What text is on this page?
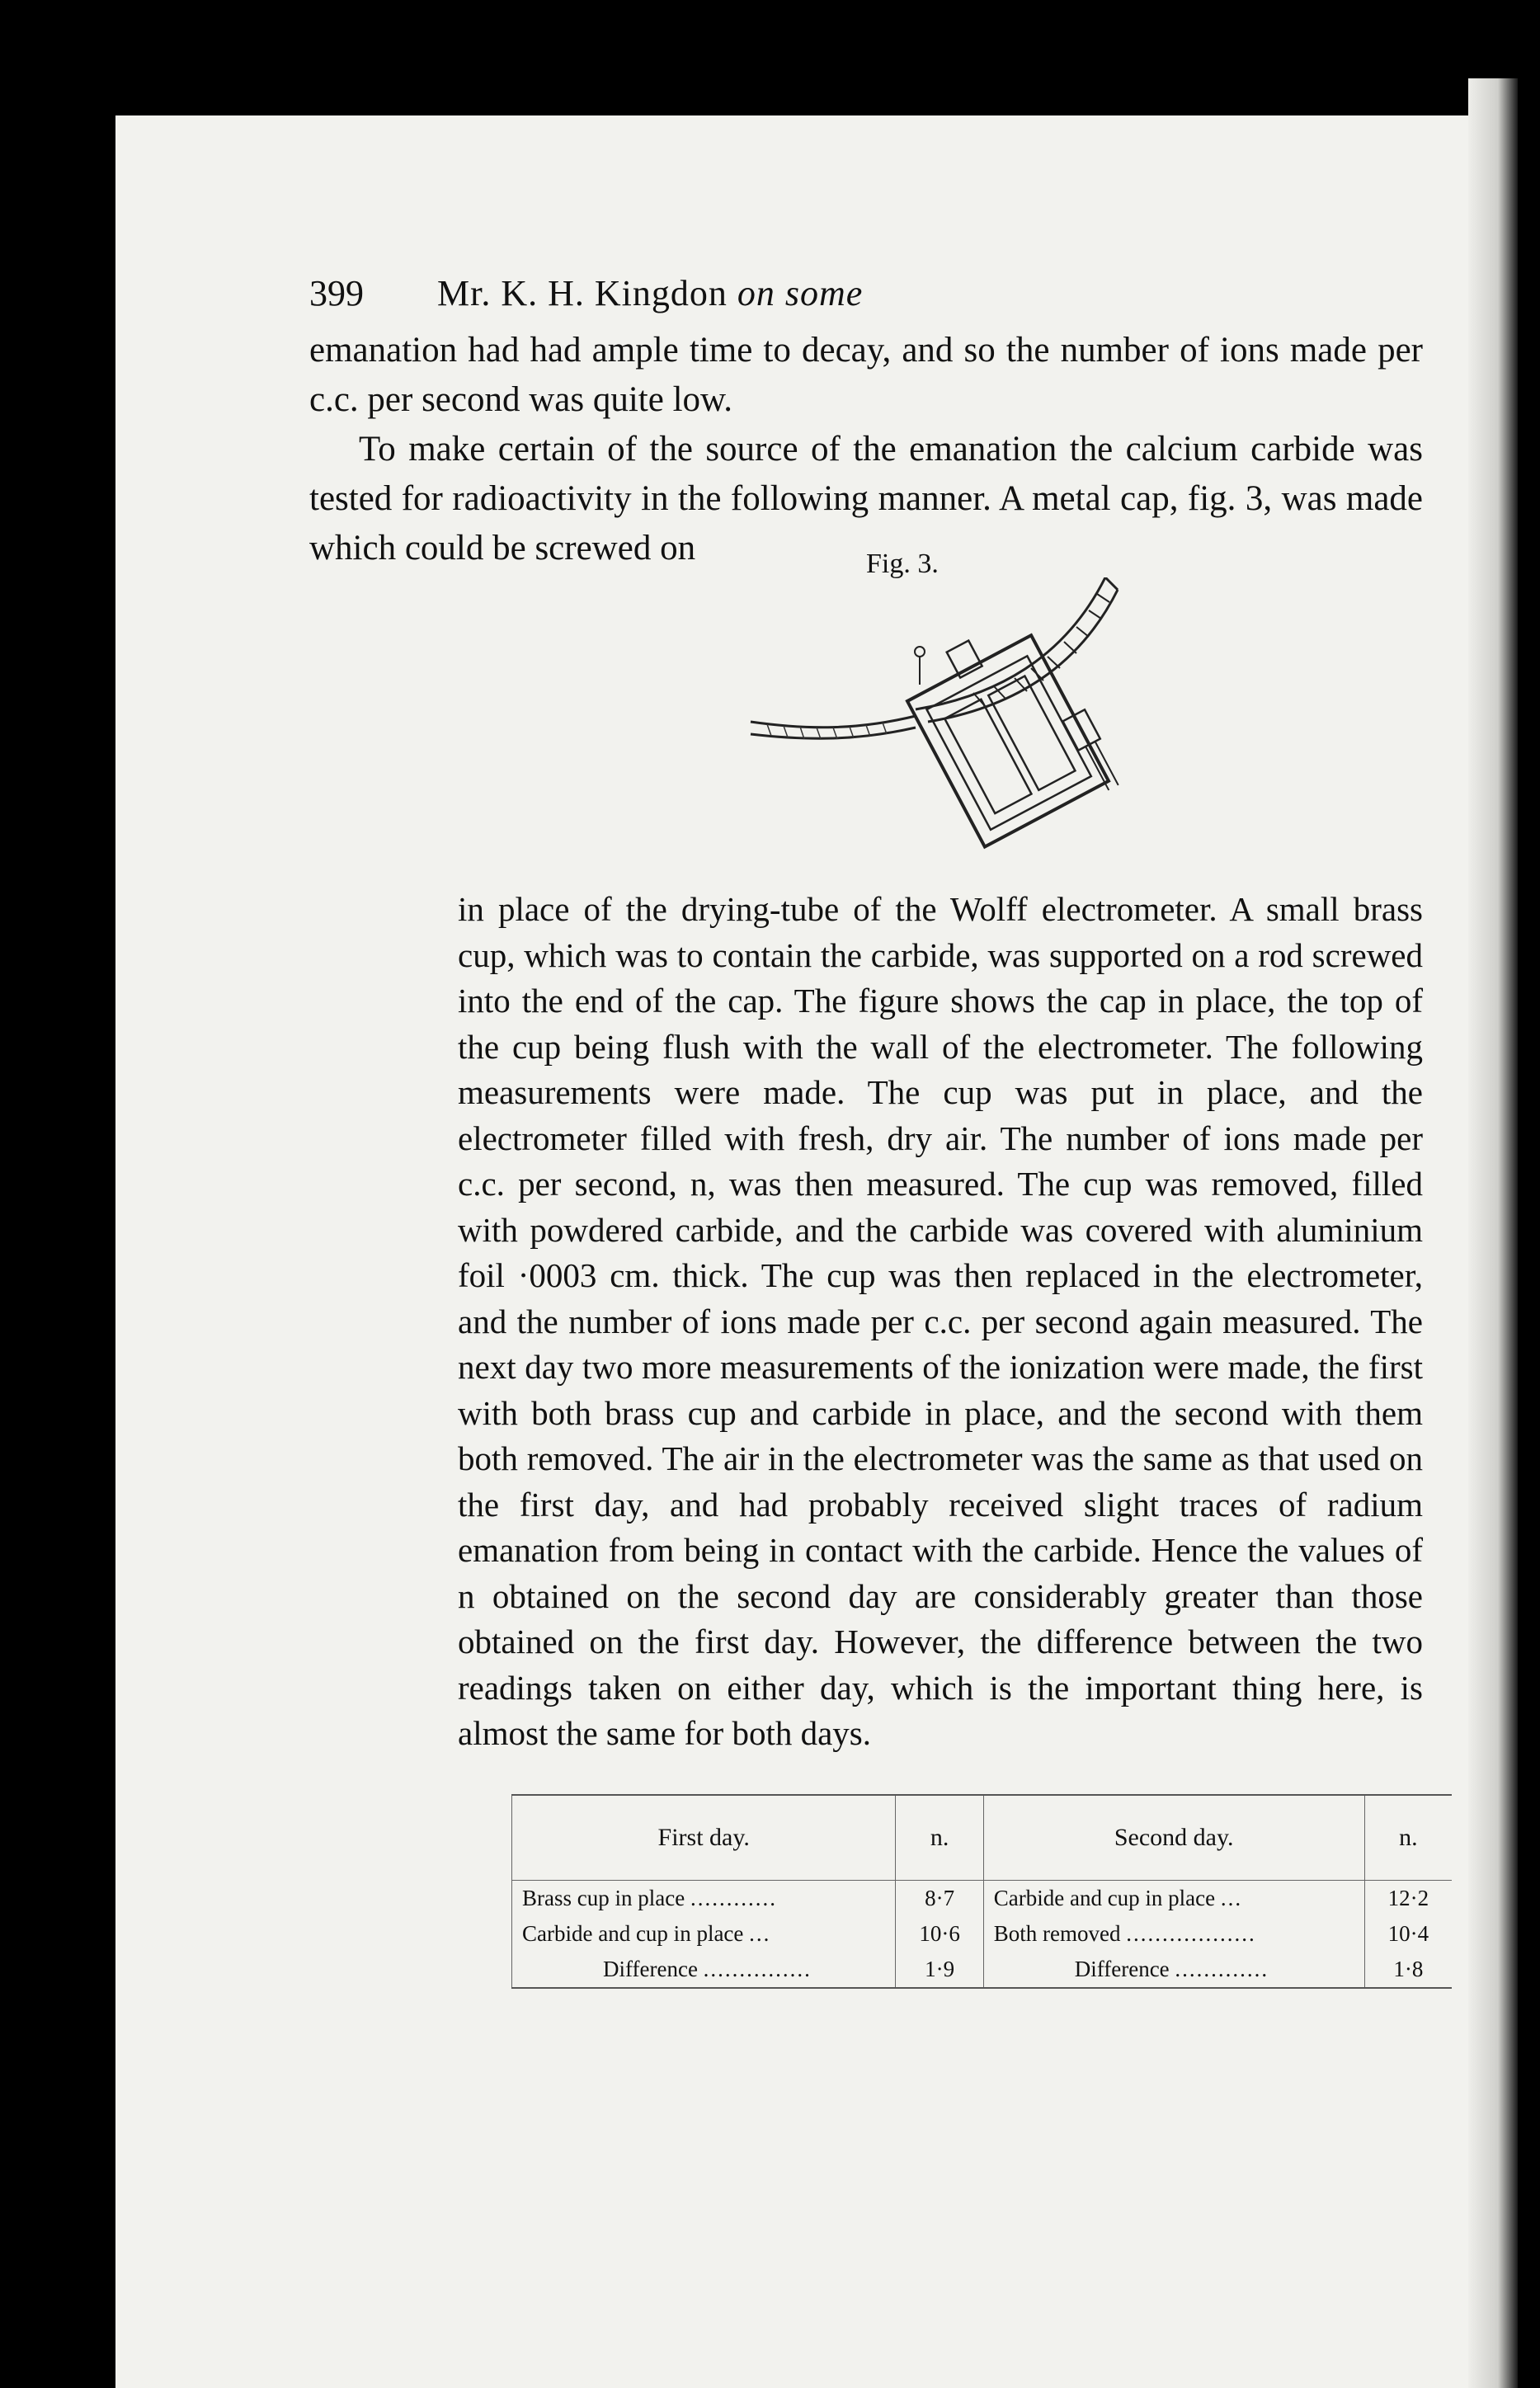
399 Mr. K. H. Kingdon on some
emanation had had ample time to decay, and so the number of ions made per c.c. per second was quite low.
To make certain of the source of the emanation the calcium carbide was tested for radioactivity in the following manner. A metal cap, fig. 3, was made which could be screwed on	Fig. 3.
in place of the drying-tube of the Wolff electrometer. A small brass cup, which was to contain the carbide, was supported on a rod screwed into the end of the cap. The figure shows the cap in place, the top of the cup being flush with the wall of the electrometer. The following measurements were made. The cup was put in place, and the electrometer filled with fresh, dry air. The number of ions made per c.c. per second, n, was then measured. The cup was removed, filled with powdered carbide, and the carbide was covered with aluminium foil ·0003 cm. thick. The cup was then replaced in the electrometer, and the number of ions made per c.c. per second again measured. The next day two more measurements of the ionization were made, the first with both brass cup and carbide in place, and the second with them both removed. The air in the electrometer was the same as that used on the first day, and had probably received slight traces of radium emanation from being in contact with the carbide. Hence the values of n obtained on the second day are considerably greater than those obtained on the first day. However, the difference between the two readings taken on either day, which is the important thing here, is almost the same for both days.
First day.	n.	Second day.	n.
Brass cup in place ............	8·7	Carbide and cup in place ...	12·2
Carbide and cup in place ...	10·6	Both removed ..................	10·4
Difference ...............	1·9	Difference .............	1·8
